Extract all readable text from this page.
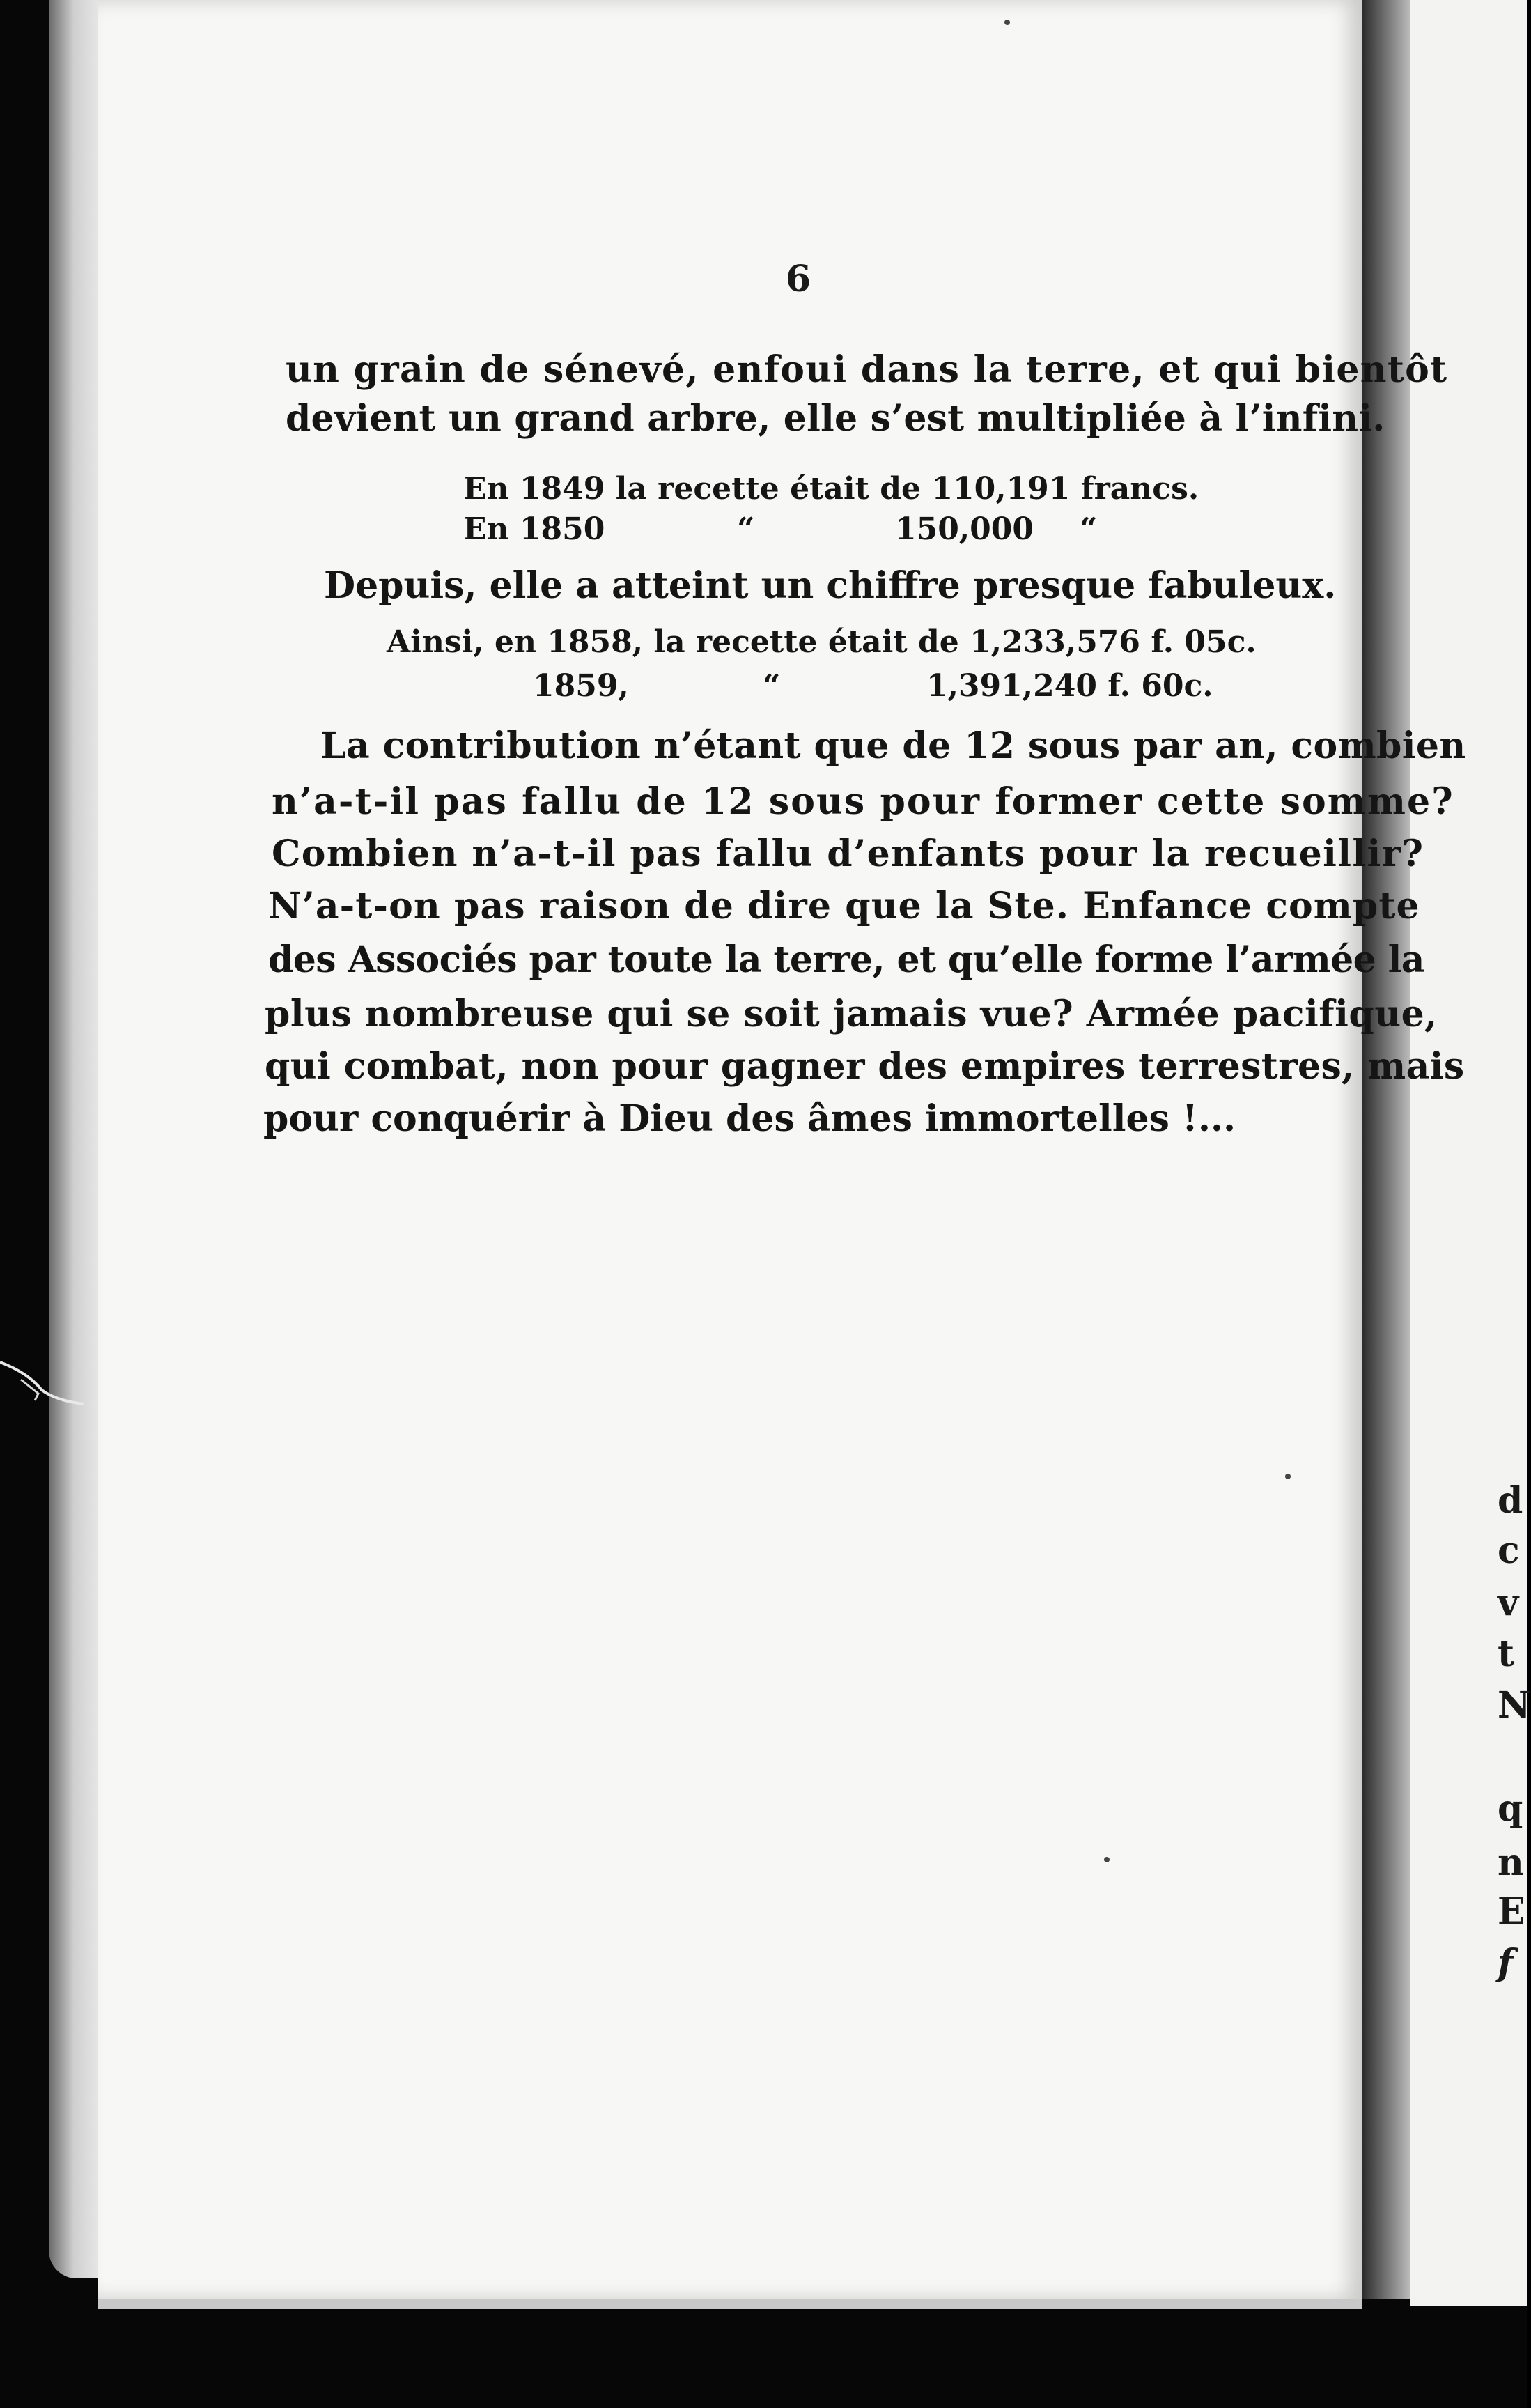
6
un grain de sénevé, enfoui dans la terre, et qui bientôt
devient un grand arbre, elle s’est multipliée à l’infini.
En 1849 la recette était de 110,191 francs.
En 1850	“	150,000 “
Depuis, elle a atteint un chiffre presque fabuleux.
Ainsi, en 1858, la recette était de 1,233,576 f. 05c.
1859,	“	1,391,240 f. 60c.
La contribution n’étant que de 12 sous par an, combien
n’a-t-il pas fallu de 12 sous pour former cette somme?
Combien n’a-t-il pas fallu d’enfants pour la recueillir?
N’a-t-on pas raison de dire que la Ste. Enfance compte
des Associés par toute la terre, et qu’elle forme l’armée la
plus nombreuse qui se soit jamais vue? Armée pacifique,
qui combat, non pour gagner des empires terrestres, mais
pour conquérir à Dieu des âmes immortelles !...
d
c
v
t
N
q
n
E
f
